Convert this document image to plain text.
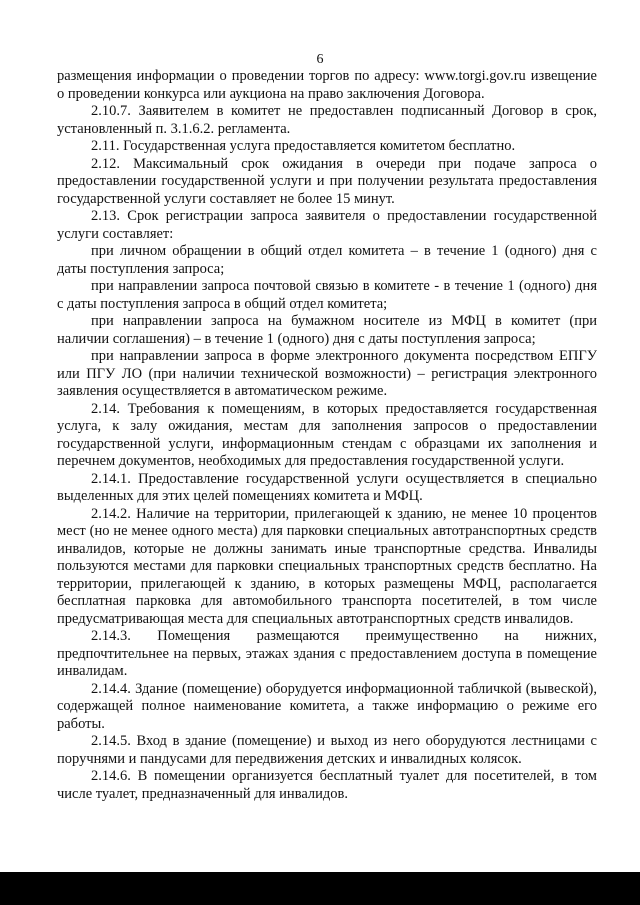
6

размещения информации о проведении торгов по адресу: www.torgi.gov.ru извещение о проведении конкурса или аукциона на право заключения Договора.

2.10.7. Заявителем в комитет не предоставлен подписанный Договор в срок, установленный п. 3.1.6.2. регламента.

2.11. Государственная услуга предоставляется комитетом бесплатно.

2.12. Максимальный срок ожидания в очереди при подаче запроса о предоставлении государственной услуги и при получении результата предоставления государственной услуги составляет не более 15 минут.

2.13. Срок регистрации запроса заявителя о предоставлении государственной услуги составляет:

при личном обращении в общий отдел комитета – в течение 1 (одного) дня с даты поступления запроса;

при направлении запроса почтовой связью в комитете - в течение 1 (одного) дня с даты поступления запроса в общий отдел комитета;

при направлении запроса на бумажном носителе из МФЦ в комитет (при наличии соглашения) – в течение 1 (одного) дня с даты поступления запроса;

при направлении запроса в форме электронного документа посредством ЕПГУ или ПГУ ЛО (при наличии технической возможности) – регистрация электронного заявления осуществляется в автоматическом режиме.

2.14. Требования к помещениям, в которых предоставляется государственная услуга, к залу ожидания, местам для заполнения запросов о предоставлении государственной услуги, информационным стендам с образцами их заполнения и перечнем документов, необходимых для предоставления государственной услуги.

2.14.1. Предоставление государственной услуги осуществляется в специально выделенных для этих целей помещениях комитета и МФЦ.

2.14.2. Наличие на территории, прилегающей к зданию, не менее 10 процентов мест (но не менее одного места) для парковки специальных автотранспортных средств инвалидов, которые не должны занимать иные транспортные средства. Инвалиды пользуются местами для парковки специальных транспортных средств бесплатно. На территории, прилегающей к зданию, в которых размещены МФЦ, располагается бесплатная парковка для автомобильного транспорта посетителей, в том числе предусматривающая места для специальных автотранспортных средств инвалидов.

2.14.3. Помещения размещаются преимущественно на нижних, предпочтительнее на первых, этажах здания с предоставлением доступа в помещение инвалидам.

2.14.4. Здание (помещение) оборудуется информационной табличкой (вывеской), содержащей полное наименование комитета, а также информацию о режиме его работы.

2.14.5. Вход в здание (помещение) и выход из него оборудуются лестницами с поручнями и пандусами для передвижения детских и инвалидных колясок.

2.14.6. В помещении организуется бесплатный туалет для посетителей, в том числе туалет, предназначенный для инвалидов.
